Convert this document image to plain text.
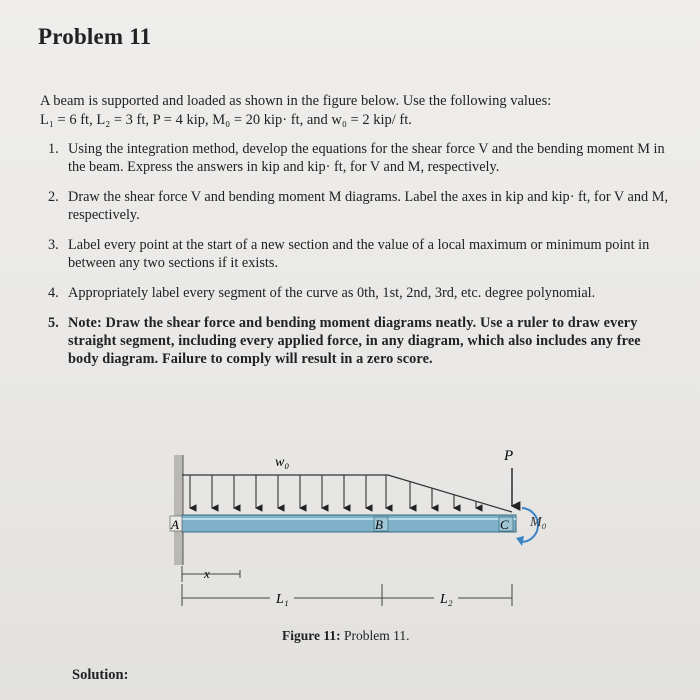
Problem 11
A beam is supported and loaded as shown in the figure below. Use the following values:
L₁ = 6 ft, L₂ = 3 ft, P = 4 kip, M₀ = 20 kip· ft, and w₀ = 2 kip/ ft.
1. Using the integration method, develop the equations for the shear force V and the bending moment M in the beam. Express the answers in kip and kip· ft, for V and M, respectively.
2. Draw the shear force V and bending moment M diagrams. Label the axes in kip and kip· ft, for V and M, respectively.
3. Label every point at the start of a new section and the value of a local maximum or minimum point in between any two sections if it exists.
4. Appropriately label every segment of the curve as 0th, 1st, 2nd, 3rd, etc. degree polynomial.
5. Note: Draw the shear force and bending moment diagrams neatly. Use a ruler to draw every straight segment, including every applied force, in any diagram, which also includes any free body diagram. Failure to comply will result in a zero score.
A	B	C
w₀	P
M₀
x
L₁	L₂
Figure 11: Problem 11.
Solution:
